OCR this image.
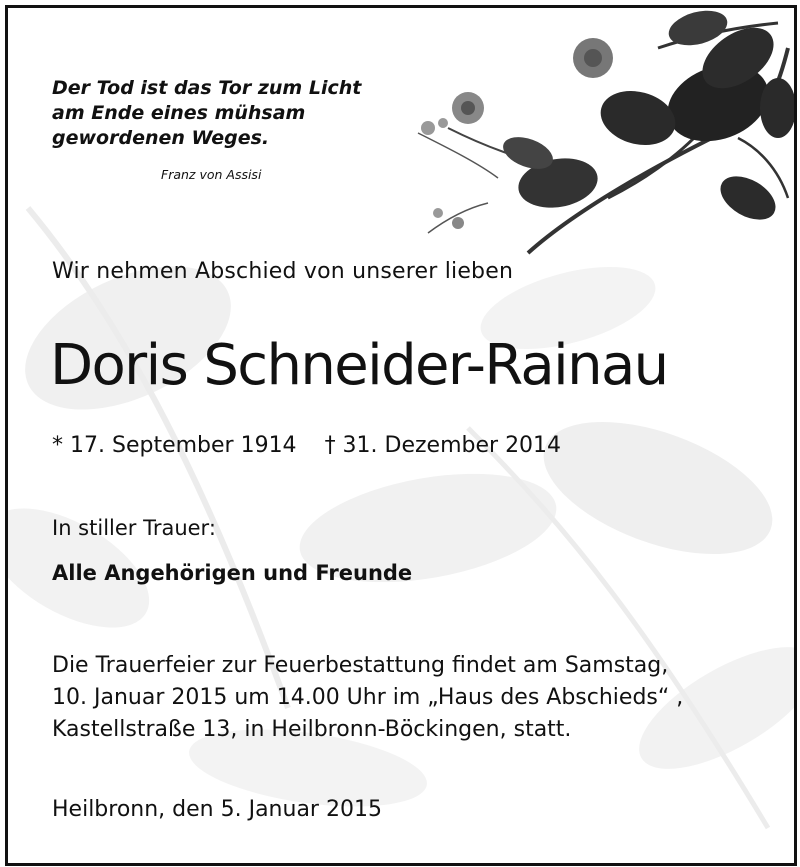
Der Tod ist das Tor zum Licht
am Ende eines mühsam
gewordenen Weges.
Franz von Assisi
Wir nehmen Abschied von unserer lieben
Doris Schneider-Rainau
* 17. September 1914 † 31. Dezember 2014
In stiller Trauer:
Alle Angehörigen und Freunde
Die Trauerfeier zur Feuerbestattung findet am Samstag,
10. Januar 2015 um 14.00 Uhr im „Haus des Abschieds“ ,
Kastellstraße 13, in Heilbronn-Böckingen, statt.
Heilbronn, den 5. Januar 2015
